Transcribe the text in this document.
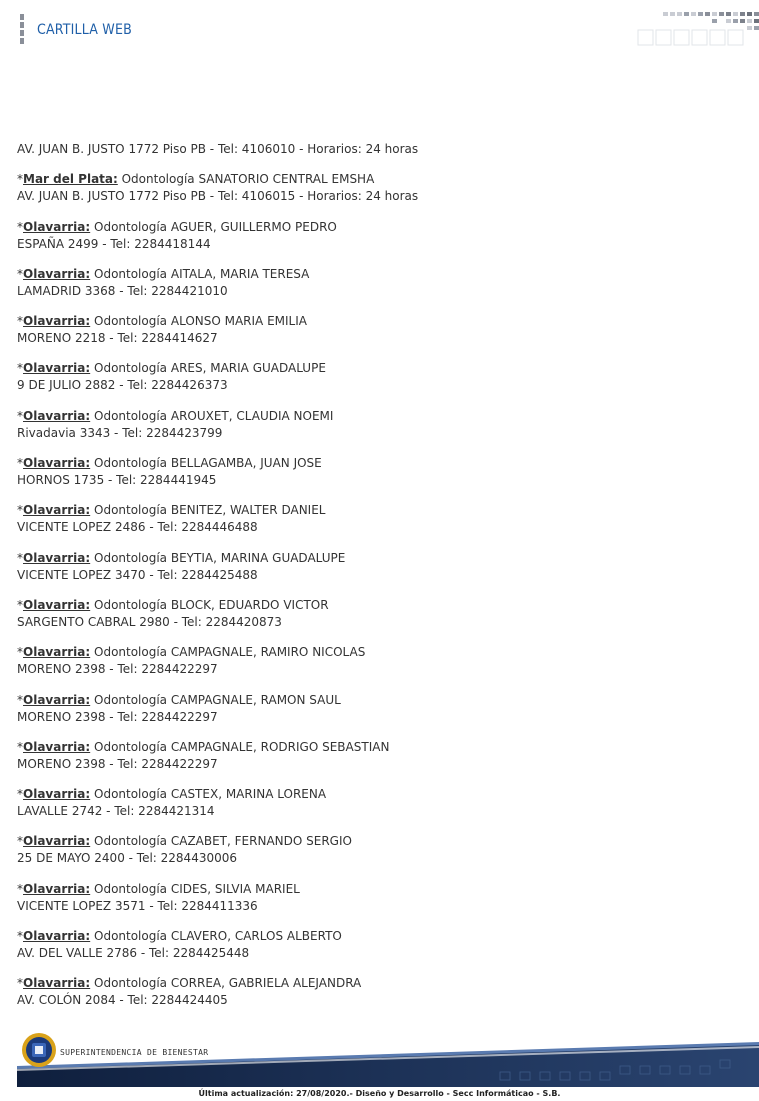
CARTILLA WEB
AV. JUAN B. JUSTO 1772 Piso PB - Tel: 4106010 - Horarios: 24 horas
*Mar del Plata: Odontología SANATORIO CENTRAL EMSHA
AV. JUAN B. JUSTO 1772 Piso PB - Tel: 4106015 - Horarios: 24 horas
*Olavarria: Odontología AGUER, GUILLERMO PEDRO
ESPAÑA 2499 - Tel: 2284418144
*Olavarria: Odontología AITALA, MARIA TERESA
LAMADRID 3368 - Tel: 2284421010
*Olavarria: Odontología ALONSO MARIA EMILIA
MORENO 2218 - Tel: 2284414627
*Olavarria: Odontología ARES, MARIA GUADALUPE
9 DE JULIO 2882 - Tel: 2284426373
*Olavarria: Odontología AROUXET, CLAUDIA NOEMI
Rivadavia 3343 - Tel: 2284423799
*Olavarria: Odontología BELLAGAMBA, JUAN JOSE
HORNOS 1735 - Tel: 2284441945
*Olavarria: Odontología BENITEZ, WALTER DANIEL
VICENTE LOPEZ 2486 - Tel: 2284446488
*Olavarria: Odontología BEYTIA, MARINA GUADALUPE
VICENTE LOPEZ 3470 - Tel: 2284425488
*Olavarria: Odontología BLOCK, EDUARDO VICTOR
SARGENTO CABRAL 2980 - Tel: 2284420873
*Olavarria: Odontología CAMPAGNALE, RAMIRO NICOLAS
MORENO 2398 - Tel: 2284422297
*Olavarria: Odontología CAMPAGNALE, RAMON SAUL
MORENO 2398 - Tel: 2284422297
*Olavarria: Odontología CAMPAGNALE, RODRIGO SEBASTIAN
MORENO 2398 - Tel: 2284422297
*Olavarria: Odontología CASTEX, MARINA LORENA
LAVALLE 2742 - Tel: 2284421314
*Olavarria: Odontología CAZABET, FERNANDO SERGIO
25 DE MAYO 2400 - Tel: 2284430006
*Olavarria: Odontología CIDES, SILVIA MARIEL
VICENTE LOPEZ 3571 - Tel: 2284411336
*Olavarria: Odontología CLAVERO, CARLOS ALBERTO
AV. DEL VALLE 2786 - Tel: 2284425448
*Olavarria: Odontología CORREA, GABRIELA ALEJANDRA
AV. COLÓN 2084 - Tel: 2284424405
SUPERINTENDENCIA DE BIENESTAR
Última actualización: 27/08/2020.- Diseño y Desarrollo - Secc Informáticao - S.B.
